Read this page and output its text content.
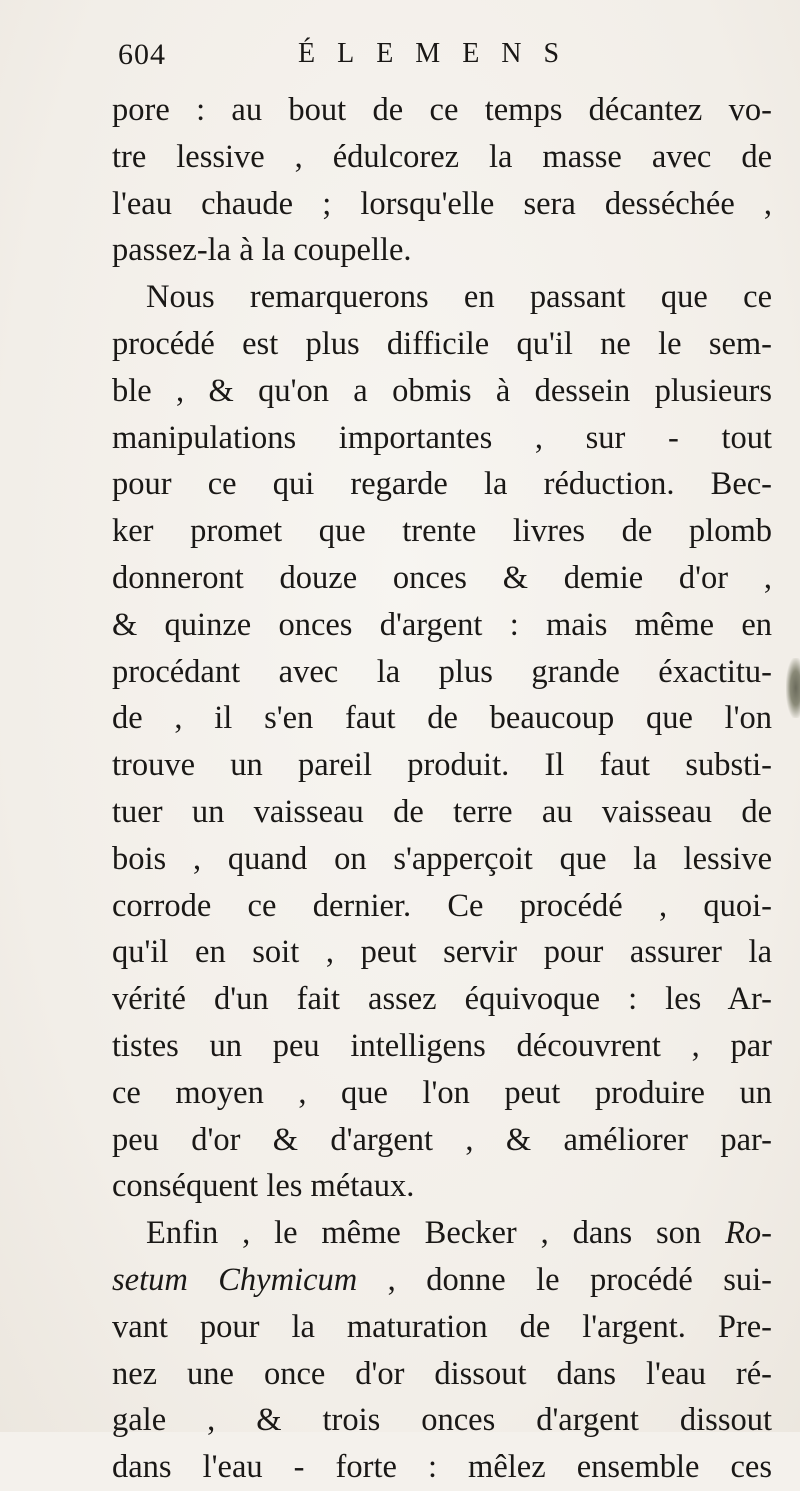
604	ÉLEMENS
pore : au bout de ce temps décantez vo-
tre lessive , édulcorez la masse avec de
l'eau chaude ; lorsqu'elle sera desséchée ,
passez-la à la coupelle.
Nous remarquerons en passant que ce
procédé est plus difficile qu'il ne le sem-
ble , & qu'on a obmis à dessein plusieurs
manipulations importantes , sur - tout
pour ce qui regarde la réduction. Bec-
ker promet que trente livres de plomb
donneront douze onces & demie d'or ,
& quinze onces d'argent : mais même en
procédant avec la plus grande éxactitu-
de , il s'en faut de beaucoup que l'on
trouve un pareil produit. Il faut substi-
tuer un vaisseau de terre au vaisseau de
bois , quand on s'apperçoit que la lessive
corrode ce dernier. Ce procédé , quoi-
qu'il en soit , peut servir pour assurer la
vérité d'un fait assez équivoque : les Ar-
tistes un peu intelligens découvrent , par
ce moyen , que l'on peut produire un
peu d'or & d'argent , & améliorer par-
conséquent les métaux.
Enfin , le même Becker , dans son Ro-
setum Chymicum , donne le procédé sui-
vant pour la maturation de l'argent. Pre-
nez une once d'or dissout dans l'eau ré-
gale , & trois onces d'argent dissout
dans l'eau - forte : mêlez ensemble ces
